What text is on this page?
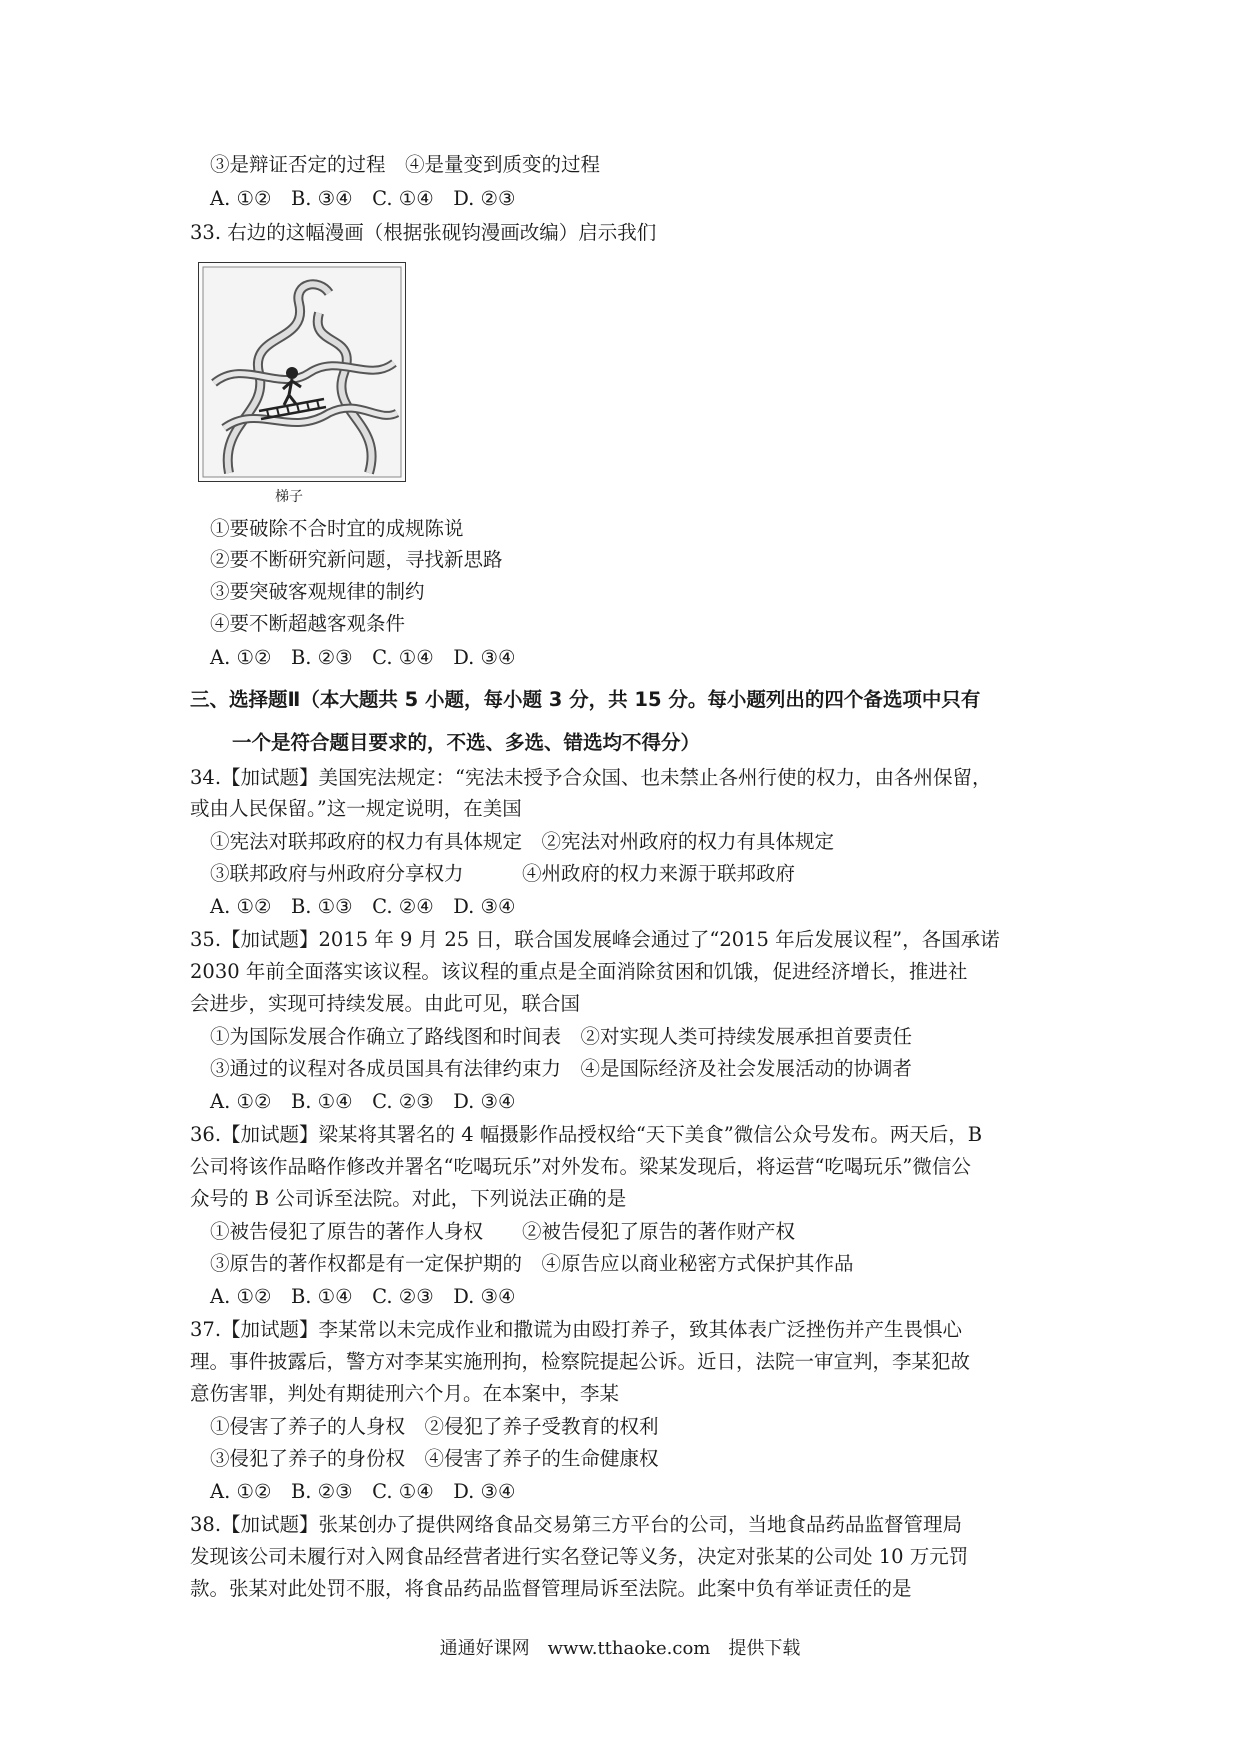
③是辩证否定的过程　④是量变到质变的过程
A. ①②　B. ③④　C. ①④　D. ②③
33. 右边的这幅漫画（根据张砚钧漫画改编）启示我们
梯子
①要破除不合时宜的成规陈说
②要不断研究新问题，寻找新思路
③要突破客观规律的制约
④要不断超越客观条件
A. ①②　B. ②③　C. ①④　D. ③④
三、选择题Ⅱ（本大题共 5 小题，每小题 3 分，共 15 分。每小题列出的四个备选项中只有
一个是符合题目要求的，不选、多选、错选均不得分）
34.【加试题】美国宪法规定：“宪法未授予合众国、也未禁止各州行使的权力，由各州保留，
或由人民保留。”这一规定说明，在美国
①宪法对联邦政府的权力有具体规定　②宪法对州政府的权力有具体规定
③联邦政府与州政府分享权力　　　④州政府的权力来源于联邦政府
A. ①②　B. ①③　C. ②④　D. ③④
35.【加试题】2015 年 9 月 25 日，联合国发展峰会通过了“2015 年后发展议程”，各国承诺
2030 年前全面落实该议程。该议程的重点是全面消除贫困和饥饿，促进经济增长，推进社
会进步，实现可持续发展。由此可见，联合国
①为国际发展合作确立了路线图和时间表　②对实现人类可持续发展承担首要责任
③通过的议程对各成员国具有法律约束力　④是国际经济及社会发展活动的协调者
A. ①②　B. ①④　C. ②③　D. ③④
36.【加试题】梁某将其署名的 4 幅摄影作品授权给“天下美食”微信公众号发布。两天后，B
公司将该作品略作修改并署名“吃喝玩乐”对外发布。梁某发现后，将运营“吃喝玩乐”微信公
众号的 B 公司诉至法院。对此，下列说法正确的是
①被告侵犯了原告的著作人身权　　②被告侵犯了原告的著作财产权
③原告的著作权都是有一定保护期的　④原告应以商业秘密方式保护其作品
A. ①②　B. ①④　C. ②③　D. ③④
37.【加试题】李某常以未完成作业和撒谎为由殴打养子，致其体表广泛挫伤并产生畏惧心
理。事件披露后，警方对李某实施刑拘，检察院提起公诉。近日，法院一审宣判，李某犯故
意伤害罪，判处有期徒刑六个月。在本案中，李某
①侵害了养子的人身权　②侵犯了养子受教育的权利
③侵犯了养子的身份权　④侵害了养子的生命健康权
A. ①②　B. ②③　C. ①④　D. ③④
38.【加试题】张某创办了提供网络食品交易第三方平台的公司，当地食品药品监督管理局
发现该公司未履行对入网食品经营者进行实名登记等义务，决定对张某的公司处 10 万元罚
款。张某对此处罚不服，将食品药品监督管理局诉至法院。此案中负有举证责任的是
通通好课网　www.tthaoke.com　提供下载
